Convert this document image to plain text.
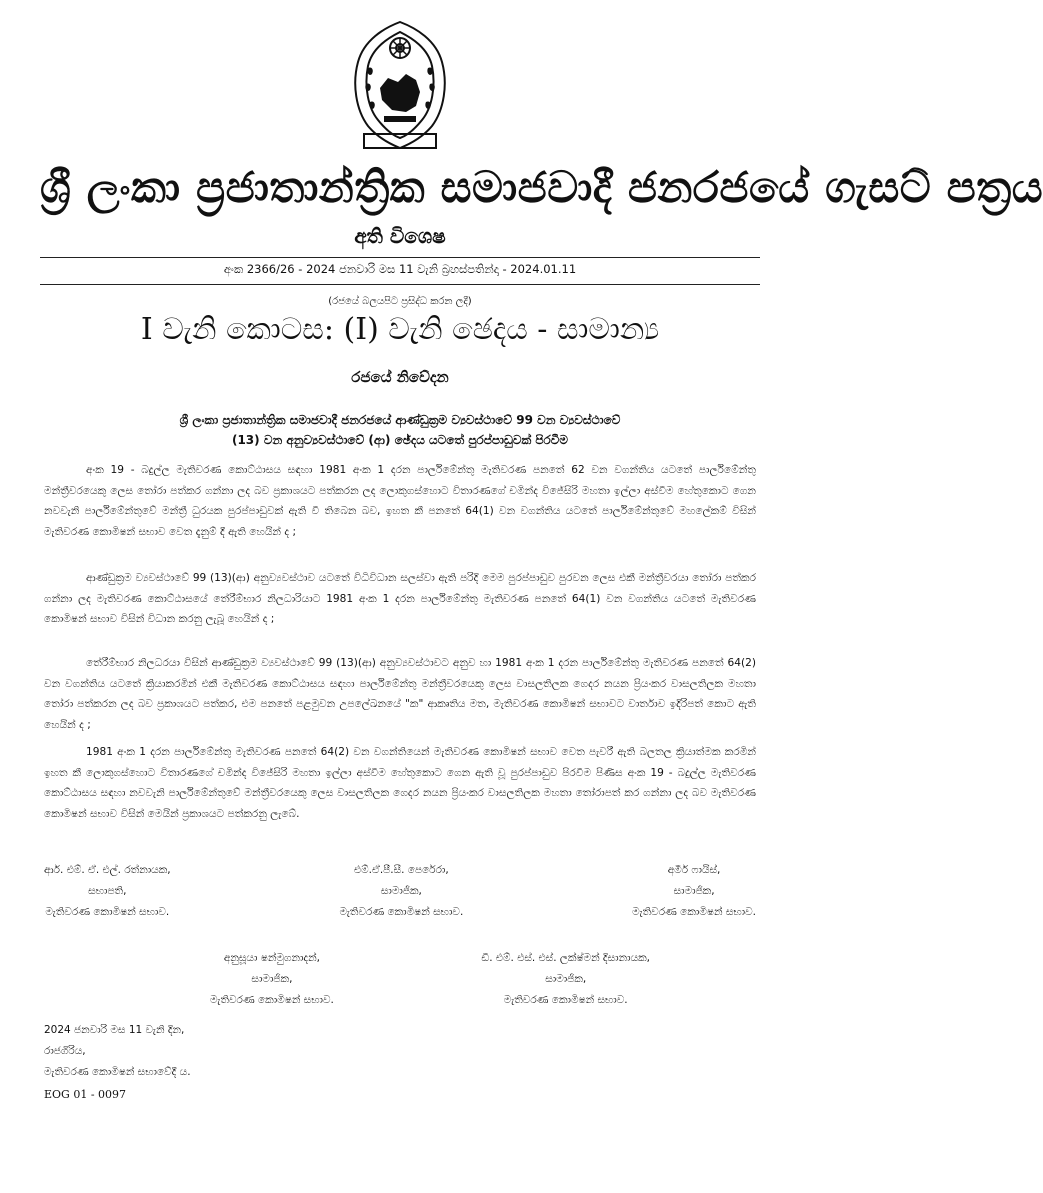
ශ්‍රී ලංකා ප්‍රජාතාන්ත්‍රික සමාජවාදී ජනරජයේ ගැසට් පත්‍රය
අති විශෙෂ
අංක 2366/26 - 2024 ජනවාරි මස 11 වැනි බ්‍රහස්පතින්දා - 2024.01.11
(රජයේ බලයපිට ප්‍රසිද්ධ කරන ලදී)
I වැනි කොටස: (I) වැනි ඡෙදය - සාමාන්‍ය
රජයේ නිවේදන
ශ්‍රී ලංකා ප්‍රජාතාන්ත්‍රික සමාජවාදී ජනරජයේ ආණ්ඩුක්‍රම ව්‍යවස්ථාවේ 99 වන ව්‍යවස්ථාවේ
(13) වන අනුව්‍යවස්ථාවේ (ආ) ඡේදය යටතේ පුරප්පාඩුවක් පිරවීම

අංක 19 - බදුල්ල මැතිවරණ කොට්ඨාසය සඳහා 1981 අංක 1 දරන පාර්ලිමේන්තු මැතිවරණ පනතේ 62 වන වගන්තිය යටතේ පාර්ලිමේන්තු මන්ත්‍රීවරයෙකු ලෙස තෝරා පත්කර ගන්නා ලද බව ප්‍රකාශයට පත්කරන ලද ලොකුගස්හොට විතාරණගේ චමින්ද විජේසිරි මහතා ඉල්ලා අස්වීම හේතුකොට ගෙන නවවැනි පාර්ලිමේන්තුවේ මන්ත්‍රී ධුරයක පුරප්පාඩුවක් ඇති වී තිබෙන බව, ඉහත කී පනතේ 64(1) වන වගන්තිය යටතේ පාර්ලිමේන්තුවේ මහලේකම් විසින් මැතිවරණ කොමිෂන් සභාව වෙත දැනුම් දී ඇති හෙයින් ද ;

ආණ්ඩුක්‍රම ව්‍යවස්ථාවේ 99 (13)(ආ) අනුව්‍යවස්ථාව යටතේ විධිවිධාන සලස්වා ඇති පරිදි මෙම පුරප්පාඩුව පුරවන ලෙස එකී මන්ත්‍රීවරයා තෝරා පත්කර ගන්නා ලද මැතිවරණ කොට්ඨාසයේ තේරීම්භාර නිලධාරියාට 1981 අංක 1 දරන පාර්ලිමේන්තු මැතිවරණ පනතේ 64(1) වන වගන්තිය යටතේ මැතිවරණ කොමිෂන් සභාව විසින් විධාන කරනු ලැබූ හෙයින් ද ;

තේරීම්භාර නිලධරයා විසින් ආණ්ඩුක්‍රම ව්‍යවස්ථාවේ 99 (13)(ආ) අනුව්‍යවස්ථාවට අනුව හා 1981 අංක 1 දරන පාර්ලිමේන්තු මැතිවරණ පනතේ 64(2) වන වගන්තිය යටතේ ක්‍රියාකරමින් එකී මැතිවරණ කොට්ඨාසය සඳහා පාර්ලිමේන්තු මන්ත්‍රීවරයෙකු ලෙස වාසලතිලක ගෙදර නයන ප්‍රියංකර වාසලතිලක මහතා තෝරා පත්කරන ලද බව ප්‍රකාශයට පත්කර, එම පනතේ පළමුවන උපලේඛනයේ "ක" ආකෘතිය මත, මැතිවරණ කොමිෂන් සභාවට වාර්තාව ඉදිරිපත් කොට ඇති හෙයින් ද ;

1981 අංක 1 දරන පාර්ලිමේන්තු මැතිවරණ පනතේ 64(2) වන වගන්තියෙන් මැතිවරණ කොමිෂන් සභාව වෙත පැවරී ඇති බලතල ක්‍රියාත්මක කරමින් ඉහත කී ලොකුගස්හොට විතාරණගේ චමින්ද විජේසිරි මහතා ඉල්ලා අස්වීම හේතුකොට ගෙන ඇති වූ පුරප්පාඩුව පිරවීම පිණිස අංක 19 - බදුල්ල මැතිවරණ කොට්ඨාසය සඳහා නවවැනි පාර්ලිමේන්තුවේ මන්ත්‍රීවරයෙකු ලෙස වාසලතිලක ගෙදර නයන ප්‍රියංකර වාසලතිලක මහතා තෝරාපත් කර ගන්නා ලද බව මැතිවරණ කොමිෂන් සභාව විසින් මෙයින් ප්‍රකාශයට පත්කරනු ලැබේ.

ආර්. එම්. ඒ. එල්. රත්නායක,
සභාපති,
මැතිවරණ කොමිෂන් සභාව.
එම්.ඒ.පී.සී. පෙරේරා,
සාමාජික,
මැතිවරණ කොමිෂන් සභාව.
අමීර් ෆායිස්,
සාමාජික,
මැතිවරණ කොමිෂන් සභාව.
අනුසූයා ෂන්මුගනාදන්,
සාමාජික,
මැතිවරණ කොමිෂන් සභාව.
ඩී. එම්. එස්. එස්. ලක්ෂ්මන් දිසානායක,
සාමාජික,
මැතිවරණ කොමිෂන් සභාව.
2024 ජනවාරි මස 11 වැනි දින,
රාජගිරිය,
මැතිවරණ කොමිෂන් සභාවේදී ය.
EOG 01 - 0097
